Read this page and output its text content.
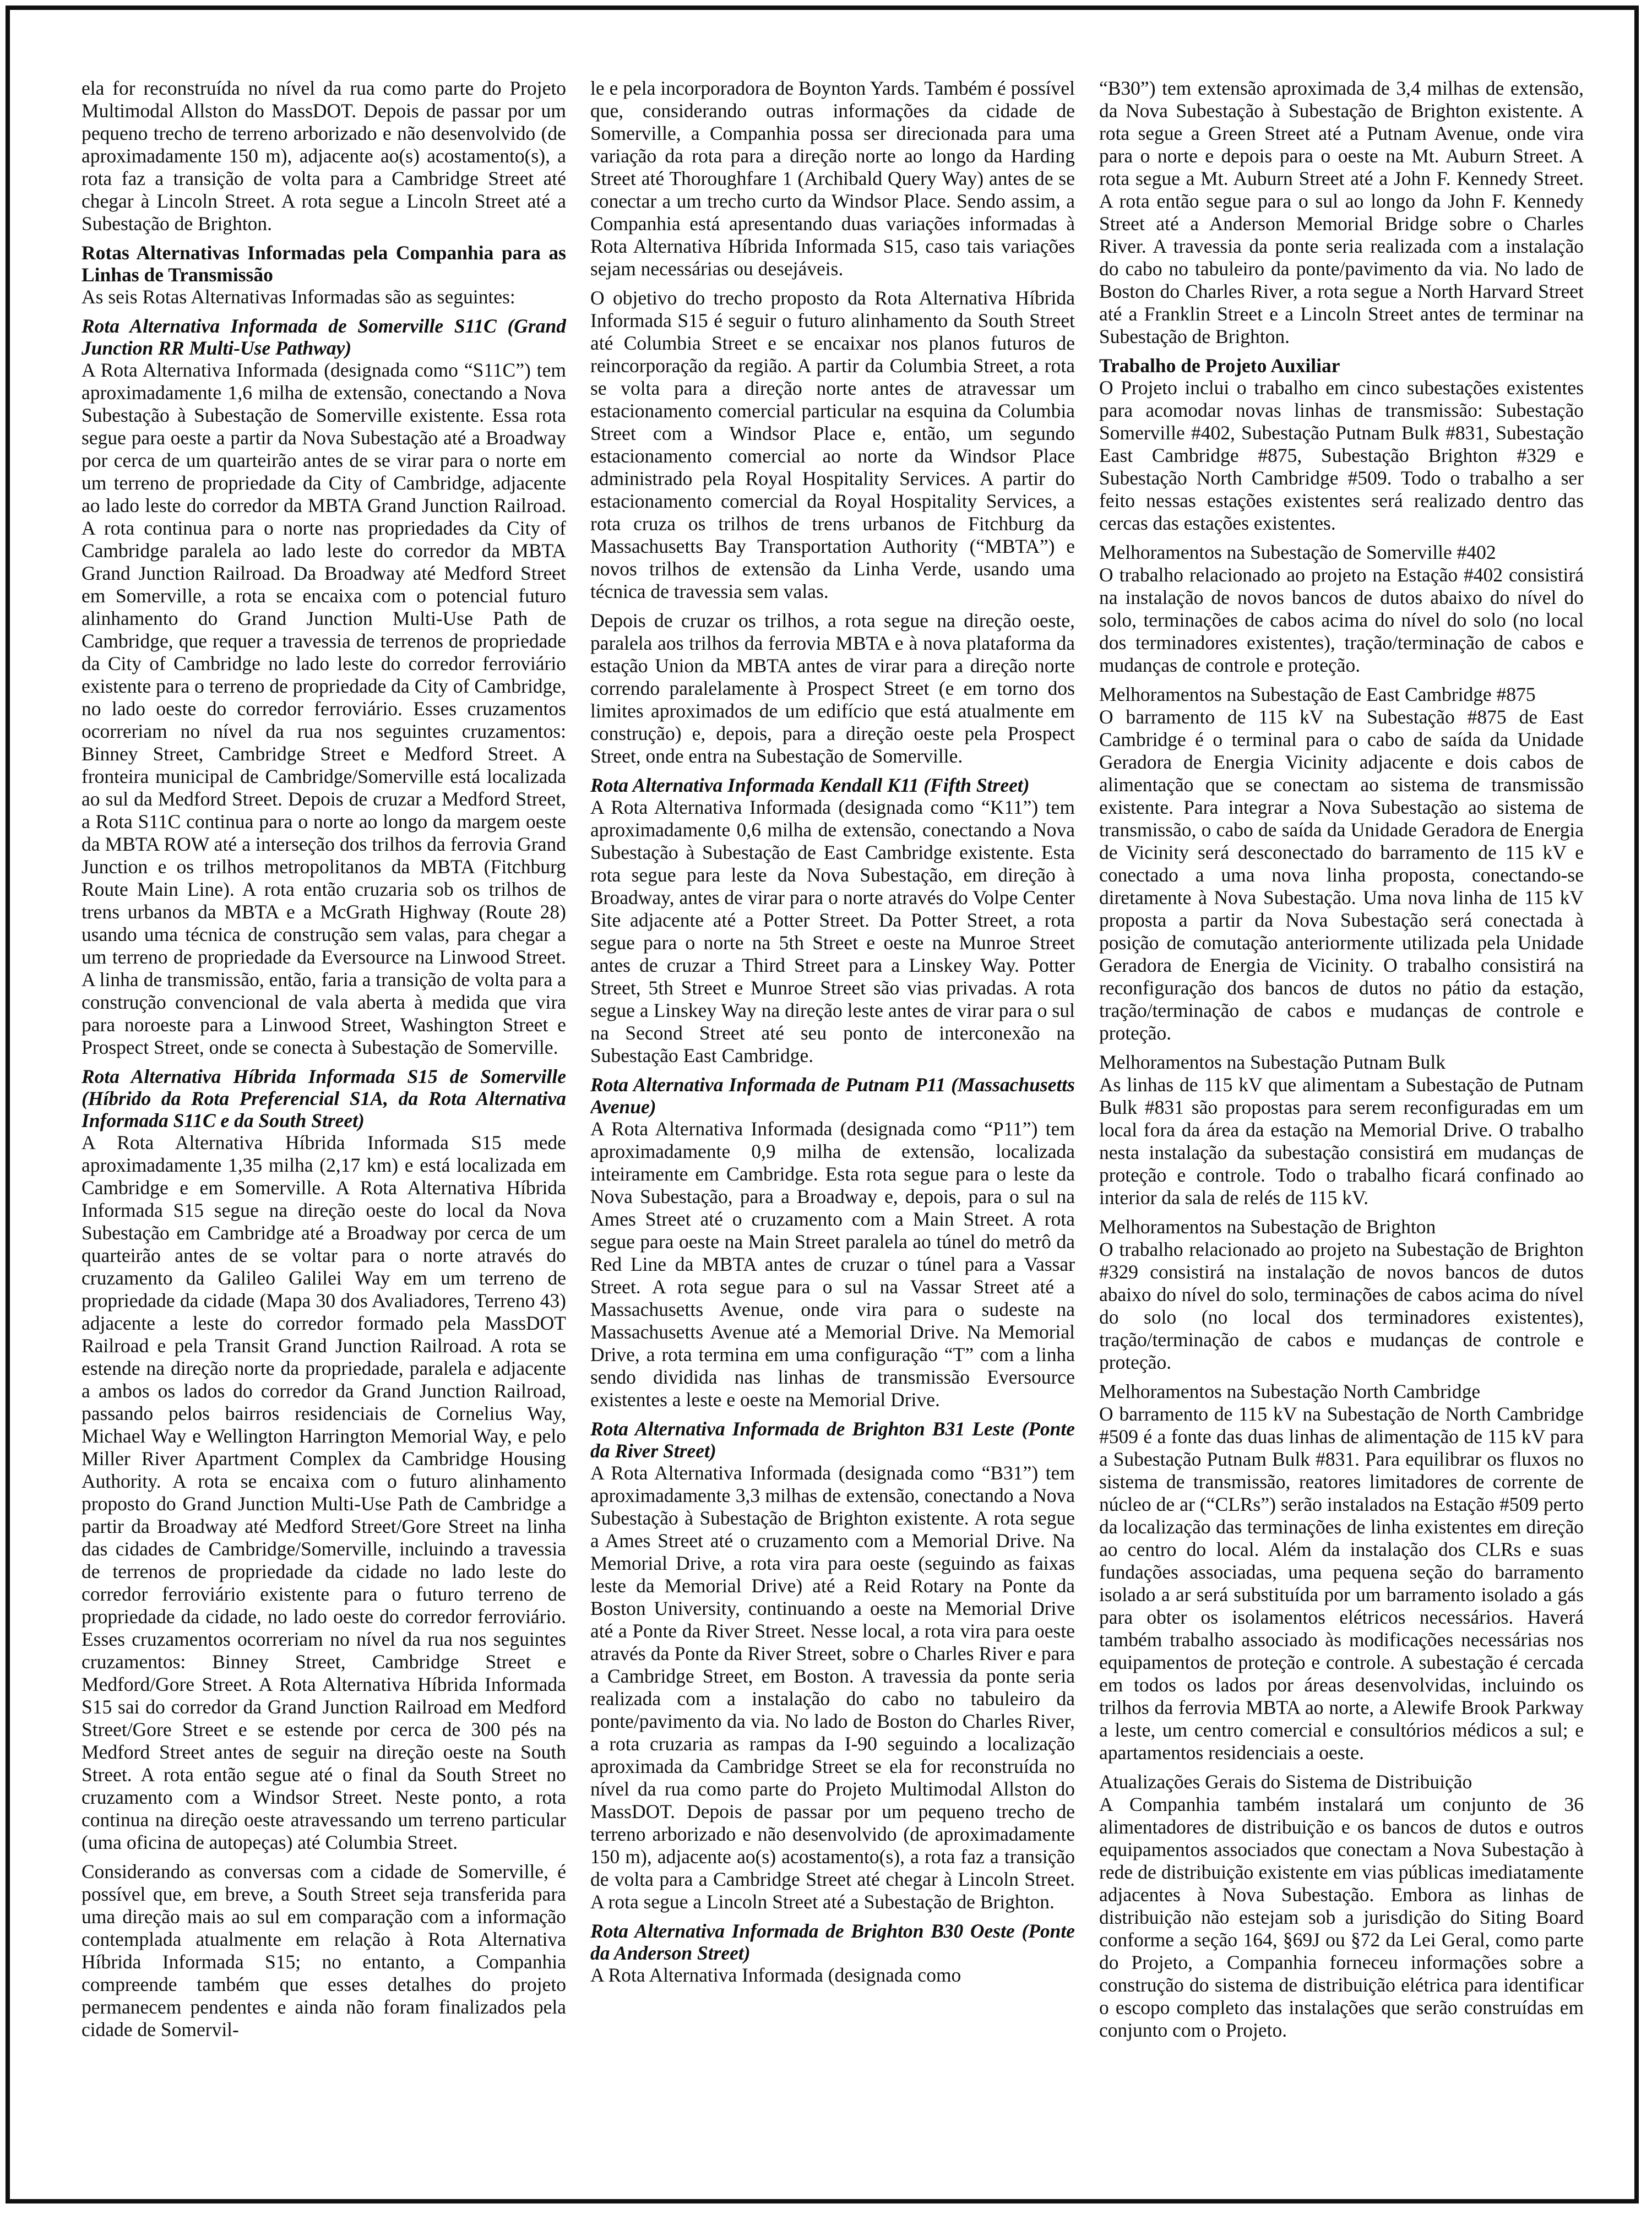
ela for reconstruída no nível da rua como parte do Projeto Multimodal Allston do MassDOT. Depois de passar por um pequeno trecho de terreno arborizado e não desenvolvido (de aproximadamente 150 m), adjacente ao(s) acostamento(s), a rota faz a transição de volta para a Cambridge Street até chegar à Lincoln Street. A rota segue a Lincoln Street até a Subestação de Brighton.

Rotas Alternativas Informadas pela Companhia para as Linhas de Transmissão

As seis Rotas Alternativas Informadas são as seguintes:

Rota Alternativa Informada de Somerville S11C (Grand Junction RR Multi-Use Pathway)

A Rota Alternativa Informada (designada como “S11C”) tem aproximadamente 1,6 milha de extensão, conectando a Nova Subestação à Subestação de Somerville existente. Essa rota segue para oeste a partir da Nova Subestação até a Broadway por cerca de um quarteirão antes de se virar para o norte em um terreno de propriedade da City of Cambridge, adjacente ao lado leste do corredor da MBTA Grand Junction Railroad. A rota continua para o norte nas propriedades da City of Cambridge paralela ao lado leste do corredor da MBTA Grand Junction Railroad. Da Broadway até Medford Street em Somerville, a rota se encaixa com o potencial futuro alinhamento do Grand Junction Multi-Use Path de Cambridge, que requer a travessia de terrenos de propriedade da City of Cambridge no lado leste do corredor ferroviário existente para o terreno de propriedade da City of Cambridge, no lado oeste do corredor ferroviário. Esses cruzamentos ocorreriam no nível da rua nos seguintes cruzamentos: Binney Street, Cambridge Street e Medford Street. A fronteira municipal de Cambridge/Somerville está localizada ao sul da Medford Street. Depois de cruzar a Medford Street, a Rota S11C continua para o norte ao longo da margem oeste da MBTA ROW até a interseção dos trilhos da ferrovia Grand Junction e os trilhos metropolitanos da MBTA (Fitchburg Route Main Line). A rota então cruzaria sob os trilhos de trens urbanos da MBTA e a McGrath Highway (Route 28) usando uma técnica de construção sem valas, para chegar a um terreno de propriedade da Eversource na Linwood Street. A linha de transmissão, então, faria a transição de volta para a construção convencional de vala aberta à medida que vira para noroeste para a Linwood Street, Washington Street e Prospect Street, onde se conecta à Subestação de Somerville.

Rota Alternativa Híbrida Informada S15 de Somerville (Híbrido da Rota Preferencial S1A, da Rota Alternativa Informada S11C e da South Street)

A Rota Alternativa Híbrida Informada S15 mede aproximadamente 1,35 milha (2,17 km) e está localizada em Cambridge e em Somerville. A Rota Alternativa Híbrida Informada S15 segue na direção oeste do local da Nova Subestação em Cambridge até a Broadway por cerca de um quarteirão antes de se voltar para o norte através do cruzamento da Galileo Galilei Way em um terreno de propriedade da cidade (Mapa 30 dos Avaliadores, Terreno 43) adjacente a leste do corredor formado pela MassDOT Railroad e pela Transit Grand Junction Railroad. A rota se estende na direção norte da propriedade, paralela e adjacente a ambos os lados do corredor da Grand Junction Railroad, passando pelos bairros residenciais de Cornelius Way, Michael Way e Wellington Harrington Memorial Way, e pelo Miller River Apartment Complex da Cambridge Housing Authority. A rota se encaixa com o futuro alinhamento proposto do Grand Junction Multi-Use Path de Cambridge a partir da Broadway até Medford Street/Gore Street na linha das cidades de Cambridge/Somerville, incluindo a travessia de terrenos de propriedade da cidade no lado leste do corredor ferroviário existente para o futuro terreno de propriedade da cidade, no lado oeste do corredor ferroviário. Esses cruzamentos ocorreriam no nível da rua nos seguintes cruzamentos: Binney Street, Cambridge Street e Medford/Gore Street. A Rota Alternativa Híbrida Informada S15 sai do corredor da Grand Junction Railroad em Medford Street/Gore Street e se estende por cerca de 300 pés na Medford Street antes de seguir na direção oeste na South Street. A rota então segue até o final da South Street no cruzamento com a Windsor Street. Neste ponto, a rota continua na direção oeste atravessando um terreno particular (uma oficina de autopeças) até Columbia Street.

Considerando as conversas com a cidade de Somerville, é possível que, em breve, a South Street seja transferida para uma direção mais ao sul em comparação com a informação contemplada atualmente em relação à Rota Alternativa Híbrida Informada S15; no entanto, a Companhia compreende também que esses detalhes do projeto permanecem pendentes e ainda não foram finalizados pela cidade de Somervil-

le e pela incorporadora de Boynton Yards. Também é possível que, considerando outras informações da cidade de Somerville, a Companhia possa ser direcionada para uma variação da rota para a direção norte ao longo da Harding Street até Thoroughfare 1 (Archibald Query Way) antes de se conectar a um trecho curto da Windsor Place. Sendo assim, a Companhia está apresentando duas variações informadas à Rota Alternativa Híbrida Informada S15, caso tais variações sejam necessárias ou desejáveis.

O objetivo do trecho proposto da Rota Alternativa Híbrida Informada S15 é seguir o futuro alinhamento da South Street até Columbia Street e se encaixar nos planos futuros de reincorporação da região. A partir da Columbia Street, a rota se volta para a direção norte antes de atravessar um estacionamento comercial particular na esquina da Columbia Street com a Windsor Place e, então, um segundo estacionamento comercial ao norte da Windsor Place administrado pela Royal Hospitality Services. A partir do estacionamento comercial da Royal Hospitality Services, a rota cruza os trilhos de trens urbanos de Fitchburg da Massachusetts Bay Transportation Authority (“MBTA”) e novos trilhos de extensão da Linha Verde, usando uma técnica de travessia sem valas.

Depois de cruzar os trilhos, a rota segue na direção oeste, paralela aos trilhos da ferrovia MBTA e à nova plataforma da estação Union da MBTA antes de virar para a direção norte correndo paralelamente à Prospect Street (e em torno dos limites aproximados de um edifício que está atualmente em construção) e, depois, para a direção oeste pela Prospect Street, onde entra na Subestação de Somerville.

Rota Alternativa Informada Kendall K11 (Fifth Street)

A Rota Alternativa Informada (designada como “K11”) tem aproximadamente 0,6 milha de extensão, conectando a Nova Subestação à Subestação de East Cambridge existente. Esta rota segue para leste da Nova Subestação, em direção à Broadway, antes de virar para o norte através do Volpe Center Site adjacente até a Potter Street. Da Potter Street, a rota segue para o norte na 5th Street e oeste na Munroe Street antes de cruzar a Third Street para a Linskey Way. Potter Street, 5th Street e Munroe Street são vias privadas. A rota segue a Linskey Way na direção leste antes de virar para o sul na Second Street até seu ponto de interconexão na Subestação East Cambridge.

Rota Alternativa Informada de Putnam P11 (Massachusetts Avenue)

A Rota Alternativa Informada (designada como “P11”) tem aproximadamente 0,9 milha de extensão, localizada inteiramente em Cambridge. Esta rota segue para o leste da Nova Subestação, para a Broadway e, depois, para o sul na Ames Street até o cruzamento com a Main Street. A rota segue para oeste na Main Street paralela ao túnel do metrô da Red Line da MBTA antes de cruzar o túnel para a Vassar Street. A rota segue para o sul na Vassar Street até a Massachusetts Avenue, onde vira para o sudeste na Massachusetts Avenue até a Memorial Drive. Na Memorial Drive, a rota termina em uma configuração “T” com a linha sendo dividida nas linhas de transmissão Eversource existentes a leste e oeste na Memorial Drive.

Rota Alternativa Informada de Brighton B31 Leste (Ponte da River Street)

A Rota Alternativa Informada (designada como “B31”) tem aproximadamente 3,3 milhas de extensão, conectando a Nova Subestação à Subestação de Brighton existente. A rota segue a Ames Street até o cruzamento com a Memorial Drive. Na Memorial Drive, a rota vira para oeste (seguindo as faixas leste da Memorial Drive) até a Reid Rotary na Ponte da Boston University, continuando a oeste na Memorial Drive até a Ponte da River Street. Nesse local, a rota vira para oeste através da Ponte da River Street, sobre o Charles River e para a Cambridge Street, em Boston. A travessia da ponte seria realizada com a instalação do cabo no tabuleiro da ponte/pavimento da via. No lado de Boston do Charles River, a rota cruzaria as rampas da I-90 seguindo a localização aproximada da Cambridge Street se ela for reconstruída no nível da rua como parte do Projeto Multimodal Allston do MassDOT. Depois de passar por um pequeno trecho de terreno arborizado e não desenvolvido (de aproximadamente 150 m), adjacente ao(s) acostamento(s), a rota faz a transição de volta para a Cambridge Street até chegar à Lincoln Street. A rota segue a Lincoln Street até a Subestação de Brighton.

Rota Alternativa Informada de Brighton B30 Oeste (Ponte da Anderson Street)

A Rota Alternativa Informada (designada como

“B30”) tem extensão aproximada de 3,4 milhas de extensão, da Nova Subestação à Subestação de Brighton existente. A rota segue a Green Street até a Putnam Avenue, onde vira para o norte e depois para o oeste na Mt. Auburn Street. A rota segue a Mt. Auburn Street até a John F. Kennedy Street. A rota então segue para o sul ao longo da John F. Kennedy Street até a Anderson Memorial Bridge sobre o Charles River. A travessia da ponte seria realizada com a instalação do cabo no tabuleiro da ponte/pavimento da via. No lado de Boston do Charles River, a rota segue a North Harvard Street até a Franklin Street e a Lincoln Street antes de terminar na Subestação de Brighton.

Trabalho de Projeto Auxiliar

O Projeto inclui o trabalho em cinco subestações existentes para acomodar novas linhas de transmissão: Subestação Somerville #402, Subestação Putnam Bulk #831, Subestação East Cambridge #875, Subestação Brighton #329 e Subestação North Cambridge #509. Todo o trabalho a ser feito nessas estações existentes será realizado dentro das cercas das estações existentes.

Melhoramentos na Subestação de Somerville #402

O trabalho relacionado ao projeto na Estação #402 consistirá na instalação de novos bancos de dutos abaixo do nível do solo, terminações de cabos acima do nível do solo (no local dos terminadores existentes), tração/terminação de cabos e mudanças de controle e proteção.

Melhoramentos na Subestação de East Cambridge #875

O barramento de 115 kV na Subestação #875 de East Cambridge é o terminal para o cabo de saída da Unidade Geradora de Energia Vicinity adjacente e dois cabos de alimentação que se conectam ao sistema de transmissão existente. Para integrar a Nova Subestação ao sistema de transmissão, o cabo de saída da Unidade Geradora de Energia de Vicinity será desconectado do barramento de 115 kV e conectado a uma nova linha proposta, conectando-se diretamente à Nova Subestação. Uma nova linha de 115 kV proposta a partir da Nova Subestação será conectada à posição de comutação anteriormente utilizada pela Unidade Geradora de Energia de Vicinity. O trabalho consistirá na reconfiguração dos bancos de dutos no pátio da estação, tração/terminação de cabos e mudanças de controle e proteção.

Melhoramentos na Subestação Putnam Bulk

As linhas de 115 kV que alimentam a Subestação de Putnam Bulk #831 são propostas para serem reconfiguradas em um local fora da área da estação na Memorial Drive. O trabalho nesta instalação da subestação consistirá em mudanças de proteção e controle. Todo o trabalho ficará confinado ao interior da sala de relés de 115 kV.

Melhoramentos na Subestação de Brighton

O trabalho relacionado ao projeto na Subestação de Brighton #329 consistirá na instalação de novos bancos de dutos abaixo do nível do solo, terminações de cabos acima do nível do solo (no local dos terminadores existentes), tração/terminação de cabos e mudanças de controle e proteção.

Melhoramentos na Subestação North Cambridge

O barramento de 115 kV na Subestação de North Cambridge #509 é a fonte das duas linhas de alimentação de 115 kV para a Subestação Putnam Bulk #831. Para equilibrar os fluxos no sistema de transmissão, reatores limitadores de corrente de núcleo de ar (“CLRs”) serão instalados na Estação #509 perto da localização das terminações de linha existentes em direção ao centro do local. Além da instalação dos CLRs e suas fundações associadas, uma pequena seção do barramento isolado a ar será substituída por um barramento isolado a gás para obter os isolamentos elétricos necessários. Haverá também trabalho associado às modificações necessárias nos equipamentos de proteção e controle. A subestação é cercada em todos os lados por áreas desenvolvidas, incluindo os trilhos da ferrovia MBTA ao norte, a Alewife Brook Parkway a leste, um centro comercial e consultórios médicos a sul; e apartamentos residenciais a oeste.

Atualizações Gerais do Sistema de Distribuição

A Companhia também instalará um conjunto de 36 alimentadores de distribuição e os bancos de dutos e outros equipamentos associados que conectam a Nova Subestação à rede de distribuição existente em vias públicas imediatamente adjacentes à Nova Subestação. Embora as linhas de distribuição não estejam sob a jurisdição do Siting Board conforme a seção 164, §69J ou §72 da Lei Geral, como parte do Projeto, a Companhia forneceu informações sobre a construção do sistema de distribuição elétrica para identificar o escopo completo das instalações que serão construídas em conjunto com o Projeto.
